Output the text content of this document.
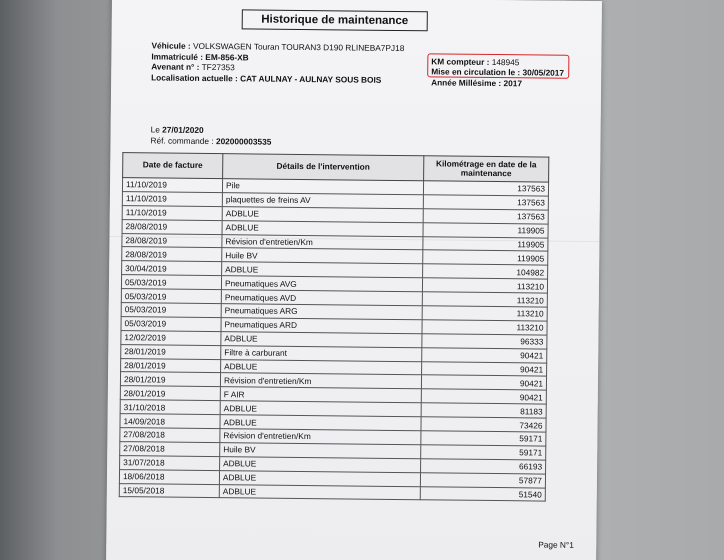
Historique de maintenance
Véhicule : VOLKSWAGEN Touran TOURAN3 D190 RLINEBA7PJ18
Immatriculé : EM-856-XB
Avenant n° : TF27353
Localisation actuelle : CAT AULNAY - AULNAY SOUS BOIS
KM compteur : 148945
Mise en circulation le : 30/05/2017
Année Millésime : 2017
Le 27/01/2020
Réf. commande : 202000003535
Date de facture	Détails de l'intervention	Kilométrage en date de la maintenance
11/10/2019	Pile	137563
11/10/2019	plaquettes de freins AV	137563
11/10/2019	ADBLUE	137563
28/08/2019	ADBLUE	119905
28/08/2019	Révision d'entretien/Km	119905
28/08/2019	Huile BV	119905
30/04/2019	ADBLUE	104982
05/03/2019	Pneumatiques AVG	113210
05/03/2019	Pneumatiques AVD	113210
05/03/2019	Pneumatiques ARG	113210
05/03/2019	Pneumatiques ARD	113210
12/02/2019	ADBLUE	96333
28/01/2019	Filtre à carburant	90421
28/01/2019	ADBLUE	90421
28/01/2019	Révision d'entretien/Km	90421
28/01/2019	F AIR	90421
31/10/2018	ADBLUE	81183
14/09/2018	ADBLUE	73426
27/08/2018	Révision d'entretien/Km	59171
27/08/2018	Huile BV	59171
31/07/2018	ADBLUE	66193
18/06/2018	ADBLUE	57877
15/05/2018	ADBLUE	51540
Page N°1
